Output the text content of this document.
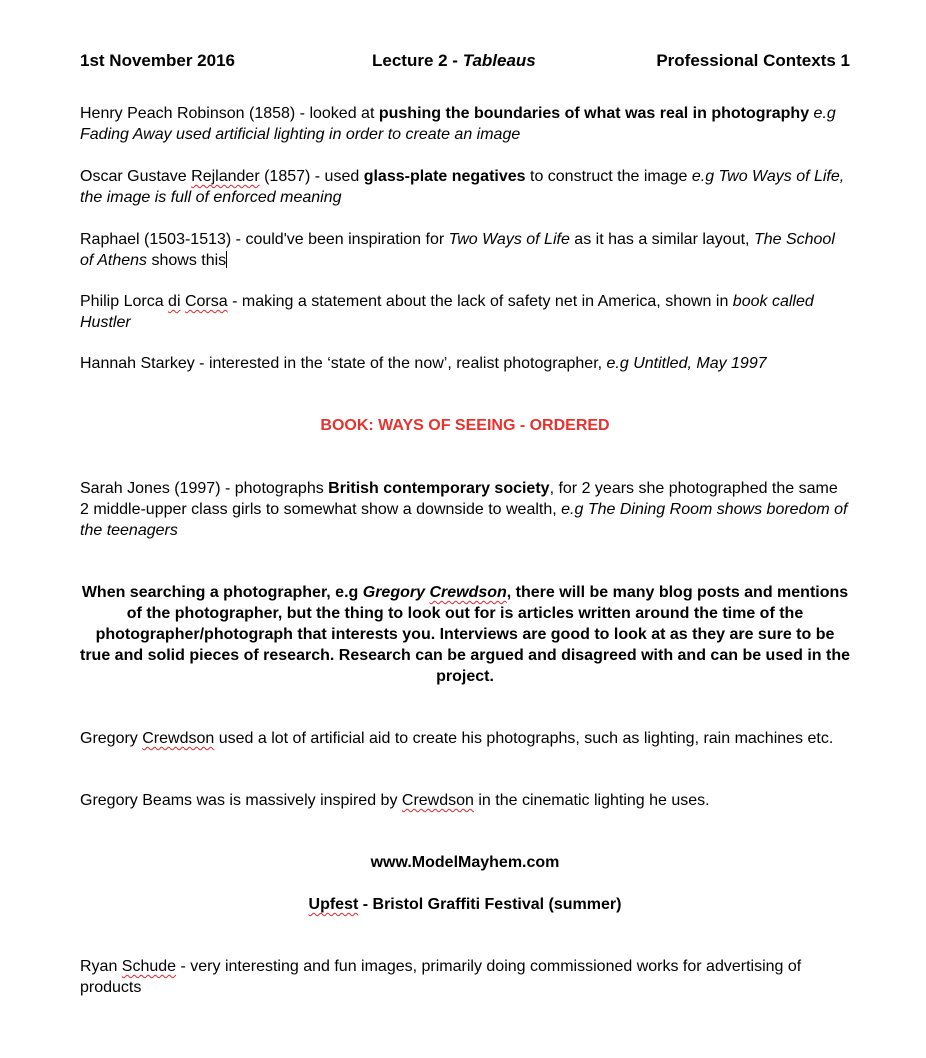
1st November 2016	Lecture 2 - Tableaus	Professional Contexts 1

Henry Peach Robinson (1858) - looked at pushing the boundaries of what was real in photography e.g Fading Away used artificial lighting in order to create an image

Oscar Gustave Rejlander (1857) - used glass-plate negatives to construct the image e.g Two Ways of Life, the image is full of enforced meaning

Raphael (1503-1513) - could've been inspiration for Two Ways of Life as it has a similar layout, The School of Athens shows this

Philip Lorca di Corsa - making a statement about the lack of safety net in America, shown in book called Hustler

Hannah Starkey - interested in the ‘state of the now’, realist photographer, e.g Untitled, May 1997

BOOK: WAYS OF SEEING - ORDERED

Sarah Jones (1997) - photographs British contemporary society, for 2 years she photographed the same 2 middle-upper class girls to somewhat show a downside to wealth, e.g The Dining Room shows boredom of the teenagers

When searching a photographer, e.g Gregory Crewdson, there will be many blog posts and mentions of the photographer, but the thing to look out for is articles written around the time of the photographer/photograph that interests you. Interviews are good to look at as they are sure to be true and solid pieces of research. Research can be argued and disagreed with and can be used in the project.

Gregory Crewdson used a lot of artificial aid to create his photographs, such as lighting, rain machines etc.

Gregory Beams was is massively inspired by Crewdson in the cinematic lighting he uses.

www.ModelMayhem.com

Upfest - Bristol Graffiti Festival (summer)

Ryan Schude - very interesting and fun images, primarily doing commissioned works for advertising of products
